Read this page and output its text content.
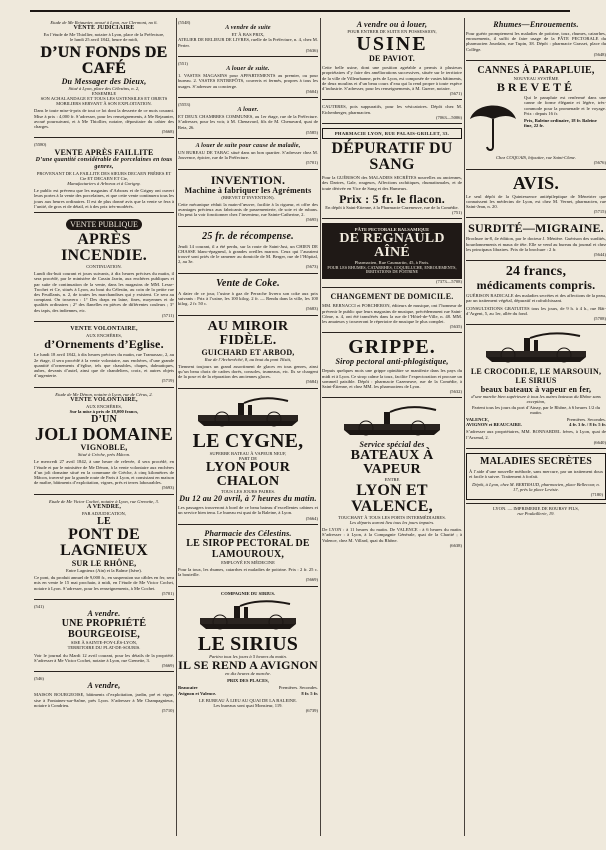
Etude de Me Rejaunier, avoué à Lyon, rue Clermont, no 6.
VENTE JUDICIAIRE
En l’étude de Me Thiollier, notaire à Lyon, place de la Préfecture,
le lundi 25 avril 1842, heure de midi,
D’UN FONDS DE CAFÉ
Du Messager des Dieux,
Situé à Lyon, place des Célestins, n. 2,
ENSEMBLE
SON ACHALANDAGE ET TOUS LES USTENSILES ET OBJETS MOBILIERS SERVANT À SON EXPLOITATION.
Dans le toute mise-à-prix de tout ce lot dont la desserte de ce mois courant. Mise à prix : 4,000 fr. S’adresser, pour les renseignements, à Me Rejaunier, avoué poursuivant, et à Me Thiollier, notaire, dépositaire du cahier des charges.
(5668)
(5580)
VENTE APRÈS FAILLITE
D’une quantité considérable de porcelaines en tous genres,
PROVENANT DE LA FAILLITE DES SIEURS DECAEN FRÈRES ET Cie ET DECAEN ET Cie,
Manufacturiers à Arboras et à Gorigny.
Le public est prévenu que les magasins d’Arboras et de Grigny ont ouvert leurs portes à la vente des porcelaines, et que cette vente continuera tous les jours aux heures ordinaires. Il est de plus donné avis que la vente se fera à l’unité, de gros et de détail, et à des prix très-modérés.
VENTE PUBLIQUE
APRÈS INCENDIE.
CONTINUATION.
Lundi dix-huit courant et jours suivants, à dix heures précises du matin, il sera procédé, par le ministère de Cassin Jarrin, aux enchères publiques et par suite de continuation de la vente, dans les magasins de MM. Lesse-Trochet et Ce, situés à Lyon, au bout du Célestin, au coin de la petite rue des Feuillants, n. 2, de toutes les marchandises qui y existent. Ce sera au comptant. On trouvera : 1° Des draps en laine, fines, moyennes et de qualités ordinaires ; 2° des flanelles en pièces de différentes couleurs ; 3° des tapis, des indiennes, etc.
(5711)
VENTE VOLONTAIRE,
AUX ENCHÈRES,
d’Ornements d’Eglise.
Le lundi 18 avril 1842, à dix heures précises du matin, rue Tramassac, 2, au 2e étage, il sera procédé à la vente volontaire, aux enchères, d’une grande quantité d’ornements d’église, tels que chasubles, chapes, dalmatiques, aubes, devants d’autel, ainsi que de chandeliers, croix, et autres objets d’argenterie.
(5719)
Etude de Me Dénon, notaire à Lyon, rue de Cérus, 2.
VENTE VOLONTAIRE,
AUX ENCHÈRES,
Sur la mise à prix de 18,000 francs,
D’UN
JOLI DOMAINE
VIGNOBLE,
Situé à Crèche, près Mâcon.
Le mercredi 27 avril 1842, à une heure de relevée, il sera procédé, en l’étude et par le ministère de Me Dénon, à la vente volontaire aux enchères d’un joli domaine situé en la commune de Crèche, à cinq kilomètres de Mâcon, traversé par la grande route de Paris à Lyon, et consistant en maison de maître, bâtiments d’exploitation, vignes, prés et terres labourables.
(5693)
Etude de Me Victor Cochet, notaire à Lyon, rue Grenette, 3.
A VENDRE,
PAR ADJUDICATION,
LE
PONT DE LAGNIEUX
SUR LE RHÔNE,
Entre Lagnieux (Ain) et la Balme (Isère).
Ce pont, du produit annuel de 9,000 fr., en suspension sur câbles en fer, sera mis en vente le 15 mai prochain, à midi, en l’étude de Me Victor Cochet, notaire à Lyon. S’adresser, pour les renseignements, à Me Cochet.
(5701)
(541)
A vendre.
UNE PROPRIÉTÉ BOURGEOISE,
SISE À SAINTE-FOY-LÈS-LYON,
TERRITOIRE DU PLAT-DE-SOURIS.
Voir le journal du Mardi 12 avril courant, pour les détails de la propriété. S’adresser à Me Victor Cochet, notaire à Lyon, rue Grenette, 3.
(5669)
(546)
A vendre,
MAISON BOURGEOISE, bâtiments d’exploitation, jardin, pré et vigne, sise à Fontaines-sur-Saône, près Lyon. S’adresser à Me Champagnieux, notaire à Condrieu.
(5710)
(5548)
A vendre de suite
ET À BAS PRIX,
ATELIER DE RELIEUR DE LIVRES, ruelle de la Préfecture, n. 4, chez M. Perier.
(5636)
(551)
A louer de suite.
1. VASTES MAGASINS pour APPARTEMENTS au premier, ou pour bureau. 2. VASTES ENTREPÔTS, couverts et fermés, propres à tous les usages. S’adresser au concierge.
(5604)
(5553)
A louer.
ET DEUX CHAMBRES COMMUNES, au 1er étage, rue de la Préfecture. S’adresser, pour les voir, à M. Chenavard, fils de M. Chenavard, quai de Retz, 26.
(5585)
A louer de suite pour cause de maladie,
UN BUREAU DE TABAC situé dans un bon quartier. S’adresser chez M. Jouvence, épicier, rue de la Préfecture.
(5701)
INVENTION.
Machine à fabriquer les Agréments
(BREVET D’INVENTION).
Cette mécanique réduit la main-d’œuvre, facilite à la rigueur, et offre des avantages précieux aux fabricants de passementerie, de soie et de rubans. On peut la voir fonctionner chez l’inventeur, rue Sainte-Catherine, 2.
(5695)
25 fr. de récompense.
Jeudi 14 courant, il a été perdu, sur la route de Saint-Just, un CHIEN DE CHASSE blanc-épagneul, à grandes oreilles marron. Ceux qui l’auraient trouvé sont priés de le ramener au domicile de M. Berger, rue de l’Hôpital, 2, au 3e.
(5673)
Vente de Coke.
A dater de ce jour, l’usine à gaz de Perrache livrera son coke aux prix suivants : Prix à l’usine, les 100 kilog. 2 fr. — Rendu dans la ville, les 100 kilog. 2 fr. 50 c.
(5683)
AU MIROIR FIDÈLE.
GUICHARD ET ARBOD,
Rue de l’Archevêché, 8, au bout du pont Tilsitt,
Tiennent toujours un grand assortiment de glaces en tous genres, ainsi qu’un beau choix de cadres dorés, consoles, trumeaux, etc. Ils se chargent de la pose et de la réparation des anciennes glaces.
(5684)
LE CYGNE,
SUPERBE BATEAU À VAPEUR NEUF,
PART DE
LYON POUR CHALON
TOUS LES JOURS PAIRES.
Du 12 au 20 avril, à 7 heures du matin.
Les passagers trouveront à bord de ce beau bateau d’excellentes cabines et un service bien tenu. Le bureau est quai de la Baleine, à Lyon.
(5664)
Pharmacie des Célestins.
LE SIROP PECTORAL DE LAMOUROUX,
EMPLOYÉ EN MÉDECINE
Pour la toux, les rhumes, catarrhes et maladies de poitrine. Prix : 2 fr. 25 c. la bouteille.
(5669)
COMPAGNIE DU SIRIUS.
LE SIRIUS
Partira tous les jours à 5 heures du matin.
IL SE REND A AVIGNON
en dix heures de marche.
PRIX DES PLACES,
Beaucaire
Avignon et Valence.
Premières. Secondes.
8 fr. 5 fr.
LE BUREAU À LIEU AU QUAI DE LA BALEINE.
Les bureaux sont quai Monsieur, 119.
(6739)
A vendre ou à louer,
POUR ENTRER DE SUITE EN POSSESSION,
USINE
DE PAVIOT.
Cette belle usine, dont une position agréable a permis à plusieurs propriétaires d’y faire des améliorations successives, située sur le territoire de la ville de Villeurbanne, près de Lyon, est composée de vastes bâtiments, de deux moulins et d’un beau cours d’eau qui la rend propre à toute espèce d’industrie. S’adresser, pour les renseignements, à M. Guerre, notaire.
(5671)
CAUTERES, pois suppuratifs, pour les vésicatoires. Dépôt chez M. Eichenberger, pharmacien.
(7063—5006)
PHARMACIE LYON, RUE PALAIS-GRILLET, 33.
DÉPURATIF DU SANG
Pour la GUÉRISON des MALADIES SECRÈTES nouvelles ou anciennes, des Dartres, Gale, rougeurs, Affections rachitiques, rhumatismales, et de toute dérivée en Vice de Sang et des Humeurs.
Prix : 5 fr. le flacon.
En dépôt à Saint-Etienne, à la Pharmacie Cazeneuve, rue de la Comédie.
(751)
PÂTE PECTORALE BALSAMIQUE
DE REGNAULD AÎNÉ
Pharmacien, Rue Caumartin, 45, à Paris.
POUR LES RHUMES, CATARRHES, COQUELUCHE, ENROUEMENTS, IRRITATIONS DE POITRINE
(7373—5708)
CHANGEMENT DE DOMICILE.
MM. BERNACCI et PORCHERON, éditeurs de musique, ont l’honneur de prévenir le public que leurs magasins de musique, précédemment rue Saint-Côme, n. 4, ont été transférés dans la rue de l’Hôtel-de-Ville, n. 48. MM. les amateurs y trouveront le répertoire de musique le plus complet.
(5635)
GRIPPE.
Sirop pectoral anti-phlogistique,
Depuis quelques mois une grippe opiniâtre se manifeste dans les pays du midi et à Lyon. Ce sirop calme la toux, facilite l’expectoration et procure un sommeil paisible. Dépôt : pharmacie Cazeneuve, rue de la Comédie, à Saint-Étienne, et chez MM. les pharmaciens de Lyon.
(5632)
Service spécial des
BATEAUX À VAPEUR
ENTRE
LYON ET VALENCE,
TOUCHANT À TOUS LES PORTS INTERMÉDIAIRES.
Les départs auront lieu tous les jours impairs.
De LYON : à 11 heures du matin. De VALENCE : à 6 heures du matin. S’adresser : à Lyon, à la Compagnie Générale, quai de la Charité ; à Valence, chez M. Villard, quai du Rhône.
(6638)
Rhumes—Enrouements.
Pour guérir promptement les maladies de poitrine, toux, rhumes, catarrhes, enrouements, il suffit de faire usage de la PÂTE PECTORALE du pharmacien Jourdain, rue Tupin, 38. Dépôt : pharmacie Grasset, place du Collège.
(5648)
CANNES À PARAPLUIE,
NOUVEAU SYSTÈME
BREVETÉ
Qui le parapluie est renfermé dans une canne de forme élégante et légère, très-commode pour la promenade et le voyage. Prix : depuis 16 fr.
Prix, Baleine ordinaire, 18 fr. Baleine fine, 22 fr.
Chez COQUAIS, bijoutier, rue Saint-Côme.
(5676)
AVIS.
Le seul dépôt de la Quintessence antiépileptique de Ménetrier que connaissent les médecins de Lyon, est chez M. Vernet, pharmacien, rue Saint-Jean, n. 20.
(5715)
SURDITÉ—MIGRAINE.
Brochure in-8, 4e édition, par le docteur J. Ménière. Guérison des surdités, bourdonnements et maux de tête. Elle se vend au bureau du journal et chez les principaux libraires. Prix de la brochure : 2 fr.
(5644)
24 francs,
médicaments compris.
GUÉRISON RADICALE des maladies secrètes et des affections de la peau, par un traitement végétal, dépuratif et rafraîchissant.
CONSULTATIONS GRATUITES tous les jours, de 9 h. à 4 h., rue Bât-d’Argent, 5, au 1er, allée du fond.
(5708)
LE CROCODILE, LE MARSOUIN, LE SIRIUS
beaux bateaux à vapeur en fer,
d’une marche bien supérieure à tous les autres bateaux du Rhône sans exception,
Partent tous les jours du port d’Ainay, par le Rhône, à 6 heures 1/2 du matin.
VALENCE,
AVIGNON et BEAUCAIRE.
Premières. Secondes.
4 fr. 3 fr. / 8 fr. 5 fr.
S’adresser aux propriétaires, MM. BONNARDEL frères, à Lyon, quai de l’Arsenal, 2.
(6640)
MALADIES SECRÈTES
À l’aide d’une nouvelle méthode, sans mercure, par un traitement doux et facile à suivre. Traitement à forfait.
Dépôt, à Lyon, chez M. BERTRAUD, pharmacien, place Bellecour, n. 17, près la place Leviste.
(7180)
LYON. — IMPRIMERIE DE BOURSY FILS,
rue Poulaillerie, 19.
